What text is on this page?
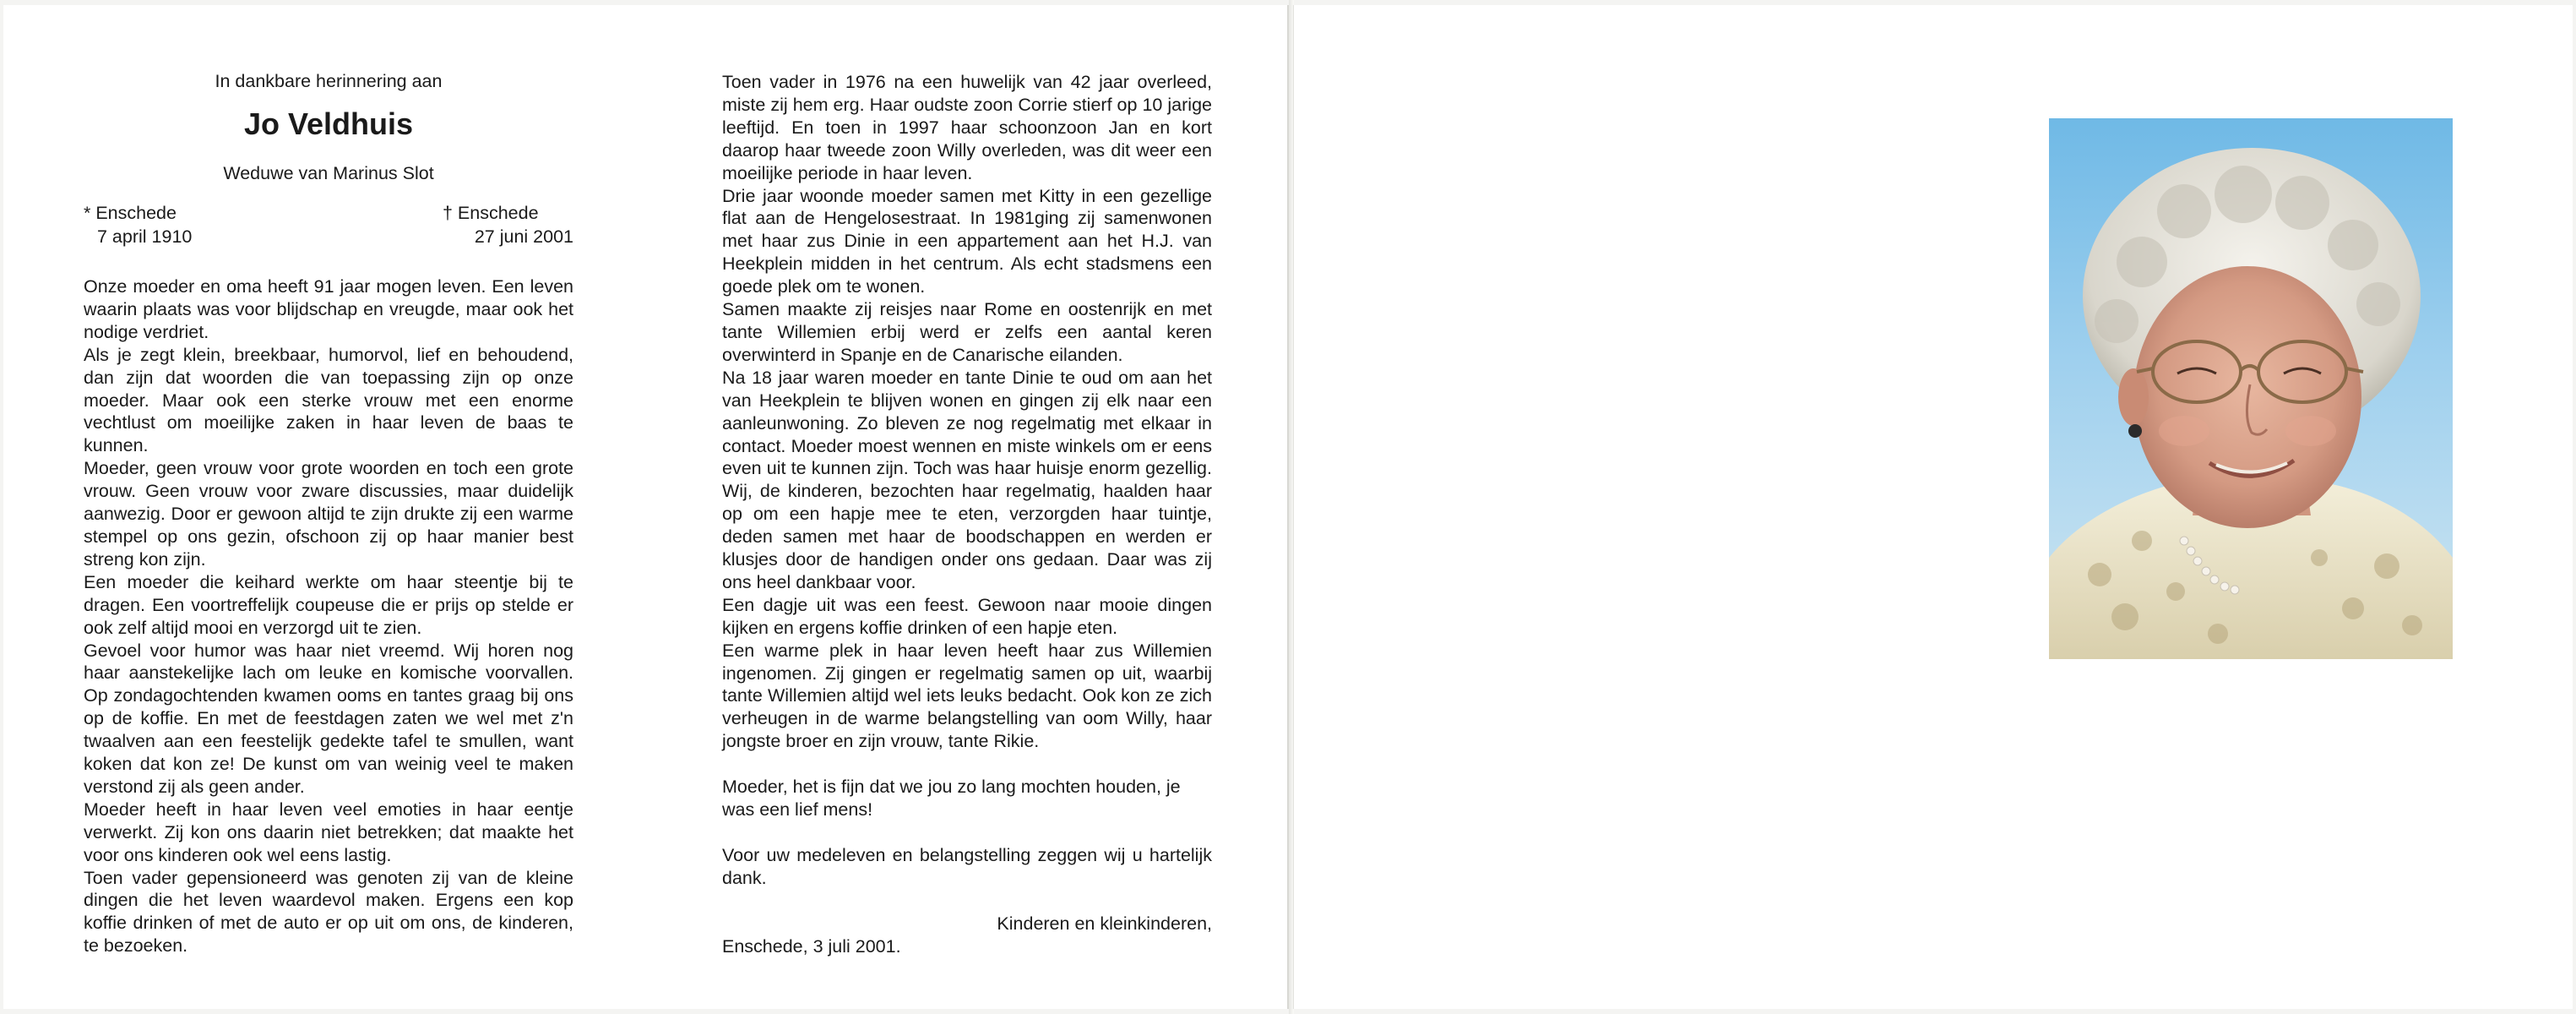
In dankbare herinnering aan
Jo Veldhuis
Weduwe van Marinus Slot
* Enschede
7 april 1910
† Enschede
27 juni 2001

Onze moeder en oma heeft 91 jaar mogen leven. Een leven waarin plaats was voor blijdschap en vreugde, maar ook het nodige verdriet.

Als je zegt klein, breekbaar, humorvol, lief en behoudend, dan zijn dat woorden die van toepassing zijn op onze moeder. Maar ook een sterke vrouw met een enorme vechtlust om moeilijke zaken in haar leven de baas te kunnen.

Moeder, geen vrouw voor grote woorden en toch een grote vrouw. Geen vrouw voor zware discussies, maar duidelijk aanwezig. Door er gewoon altijd te zijn drukte zij een warme stempel op ons gezin, ofschoon zij op haar manier best streng kon zijn.

Een moeder die keihard werkte om haar steentje bij te dragen. Een voortreffelijk coupeuse die er prijs op stelde er ook zelf altijd mooi en verzorgd uit te zien.

Gevoel voor humor was haar niet vreemd. Wij horen nog haar aanstekelijke lach om leuke en komische voorvallen. Op zondagochtenden kwamen ooms en tantes graag bij ons op de koffie. En met de feestdagen zaten we wel met z'n twaalven aan een feestelijk gedekte tafel te smullen, want koken dat kon ze! De kunst om van weinig veel te maken verstond zij als geen ander.

Moeder heeft in haar leven veel emoties in haar eentje verwerkt. Zij kon ons daarin niet betrekken; dat maakte het voor ons kinderen ook wel eens lastig.

Toen vader gepensioneerd was genoten zij van de kleine dingen die het leven waardevol maken. Ergens een kop koffie drinken of met de auto er op uit om ons, de kinderen, te bezoeken.

Toen vader in 1976 na een huwelijk van 42 jaar overleed, miste zij hem erg. Haar oudste zoon Corrie stierf op 10 jarige leeftijd. En toen in 1997 haar schoonzoon Jan en kort daarop haar tweede zoon Willy overleden, was dit weer een moeilijke periode in haar leven.

Drie jaar woonde moeder samen met Kitty in een gezellige flat aan de Hengelosestraat. In 1981ging zij samenwonen met haar zus Dinie in een appartement aan het H.J. van Heekplein midden in het centrum. Als echt stadsmens een goede plek om te wonen.

Samen maakte zij reisjes naar Rome en oostenrijk en met tante Willemien erbij werd er zelfs een aantal keren overwinterd in Spanje en de Canarische eilanden.

Na 18 jaar waren moeder en tante Dinie te oud om aan het van Heekplein te blijven wonen en gingen zij elk naar een aanleunwoning. Zo bleven ze nog regelmatig met elkaar in contact. Moeder moest wennen en miste winkels om er eens even uit te kunnen zijn. Toch was haar huisje enorm gezellig. Wij, de kinderen, bezochten haar regelmatig, haalden haar op om een hapje mee te eten, verzorgden haar tuintje, deden samen met haar de boodschappen en werden er klusjes door de handigen onder ons gedaan. Daar was zij ons heel dankbaar voor.

Een dagje uit was een feest. Gewoon naar mooie dingen kijken en ergens koffie drinken of een hapje eten.

Een warme plek in haar leven heeft haar zus Willemien ingenomen. Zij gingen er regelmatig samen op uit, waarbij tante Willemien altijd wel iets leuks bedacht. Ook kon ze zich verheugen in de warme belangstelling van oom Willy, haar jongste broer en zijn vrouw, tante Rikie.

Moeder, het is fijn dat we jou zo lang mochten houden, je was een lief mens!

Voor uw medeleven en belangstelling zeggen wij u hartelijk dank.

Kinderen en kleinkinderen,

Enschede, 3 juli 2001.
